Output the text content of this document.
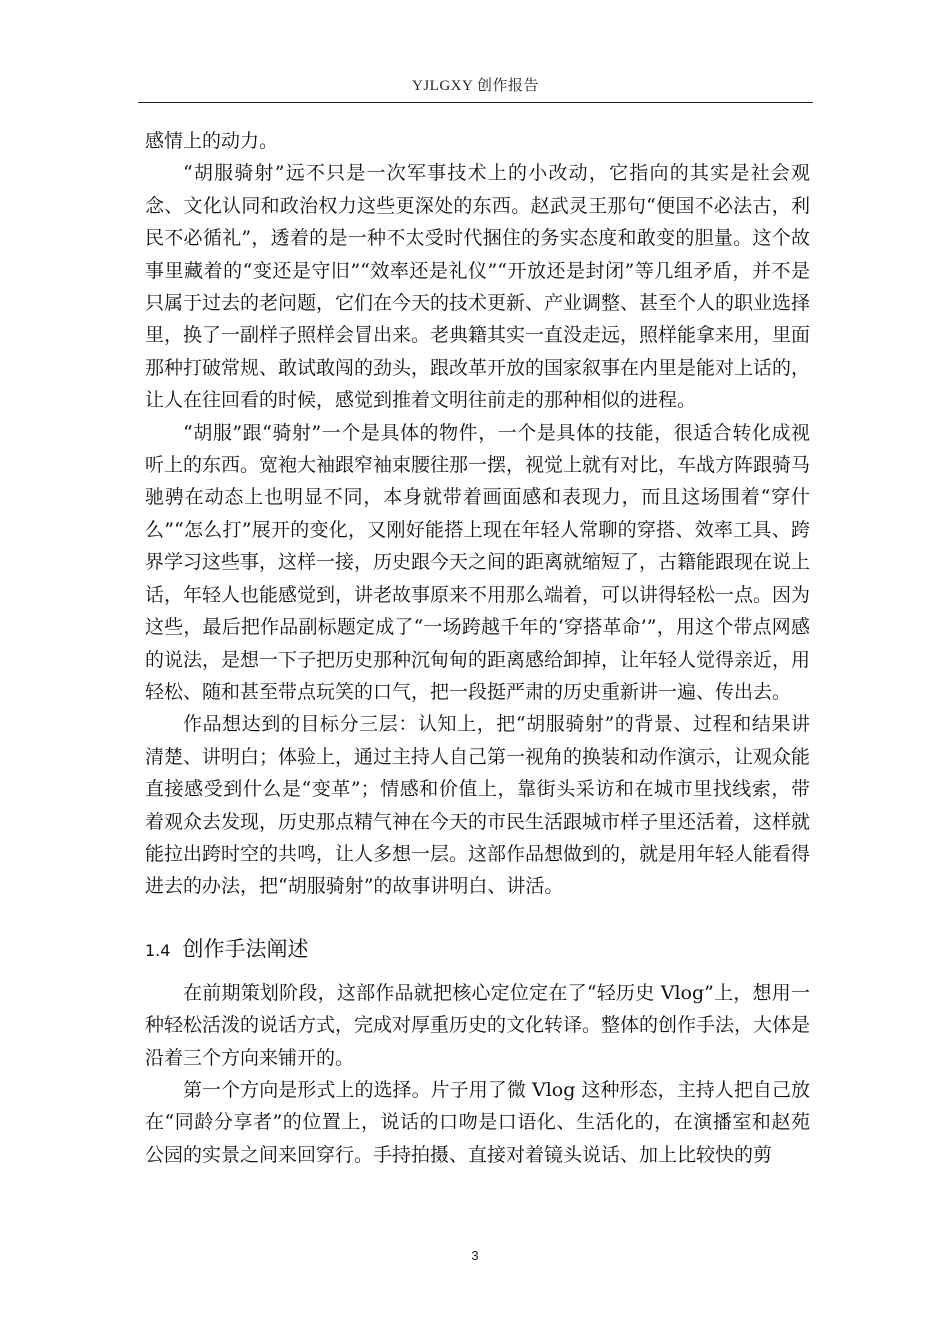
YJLGXY 创作报告

感情上的动力。

“胡服骑射”远不只是一次军事技术上的小改动，它指向的其实是社会观念、文化认同和政治权力这些更深处的东西。赵武灵王那句“便国不必法古，利民不必循礼”，透着的是一种不太受时代捆住的务实态度和敢变的胆量。这个故事里藏着的“变还是守旧”“效率还是礼仪”“开放还是封闭”等几组矛盾，并不是只属于过去的老问题，它们在今天的技术更新、产业调整、甚至个人的职业选择里，换了一副样子照样会冒出来。老典籍其实一直没走远，照样能拿来用，里面那种打破常规、敢试敢闯的劲头，跟改革开放的国家叙事在内里是能对上话的，让人在往回看的时候，感觉到推着文明往前走的那种相似的进程。

“胡服”跟“骑射”一个是具体的物件，一个是具体的技能，很适合转化成视听上的东西。宽袍大袖跟窄袖束腰往那一摆，视觉上就有对比，车战方阵跟骑马驰骋在动态上也明显不同，本身就带着画面感和表现力，而且这场围着“穿什么”“怎么打”展开的变化，又刚好能搭上现在年轻人常聊的穿搭、效率工具、跨界学习这些事，这样一接，历史跟今天之间的距离就缩短了，古籍能跟现在说上话，年轻人也能感觉到，讲老故事原来不用那么端着，可以讲得轻松一点。因为这些，最后把作品副标题定成了“一场跨越千年的‘穿搭革命’”，用这个带点网感的说法，是想一下子把历史那种沉甸甸的距离感给卸掉，让年轻人觉得亲近，用轻松、随和甚至带点玩笑的口气，把一段挺严肃的历史重新讲一遍、传出去。

作品想达到的目标分三层：认知上，把“胡服骑射”的背景、过程和结果讲清楚、讲明白；体验上，通过主持人自己第一视角的换装和动作演示，让观众能直接感受到什么是“变革”；情感和价值上，靠街头采访和在城市里找线索，带着观众去发现，历史那点精气神在今天的市民生活跟城市样子里还活着，这样就能拉出跨时空的共鸣，让人多想一层。这部作品想做到的，就是用年轻人能看得进去的办法，把“胡服骑射”的故事讲明白、讲活。

1.4 创作手法阐述

在前期策划阶段，这部作品就把核心定位定在了“轻历史 Vlog”上，想用一种轻松活泼的说话方式，完成对厚重历史的文化转译。整体的创作手法，大体是沿着三个方向来铺开的。

第一个方向是形式上的选择。片子用了微 Vlog 这种形态，主持人把自己放在“同龄分享者”的位置上，说话的口吻是口语化、生活化的，在演播室和赵苑公园的实景之间来回穿行。手持拍摄、直接对着镜头说话、加上比较快的剪

3
